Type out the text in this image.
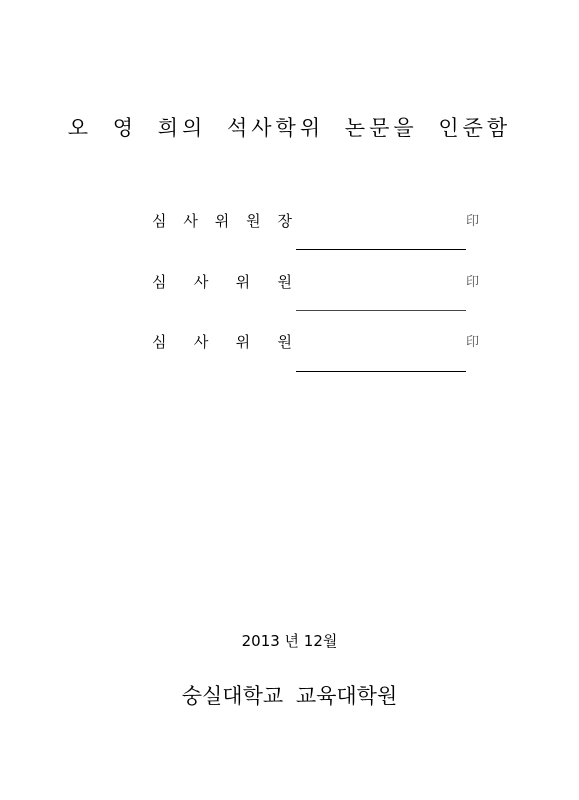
오 영 희의 석사학위 논문을 인준함
심 사 위 원 장	印
심 사 위 원	印
심 사 위 원	印
2013 년 12월
숭실대학교 교육대학원
